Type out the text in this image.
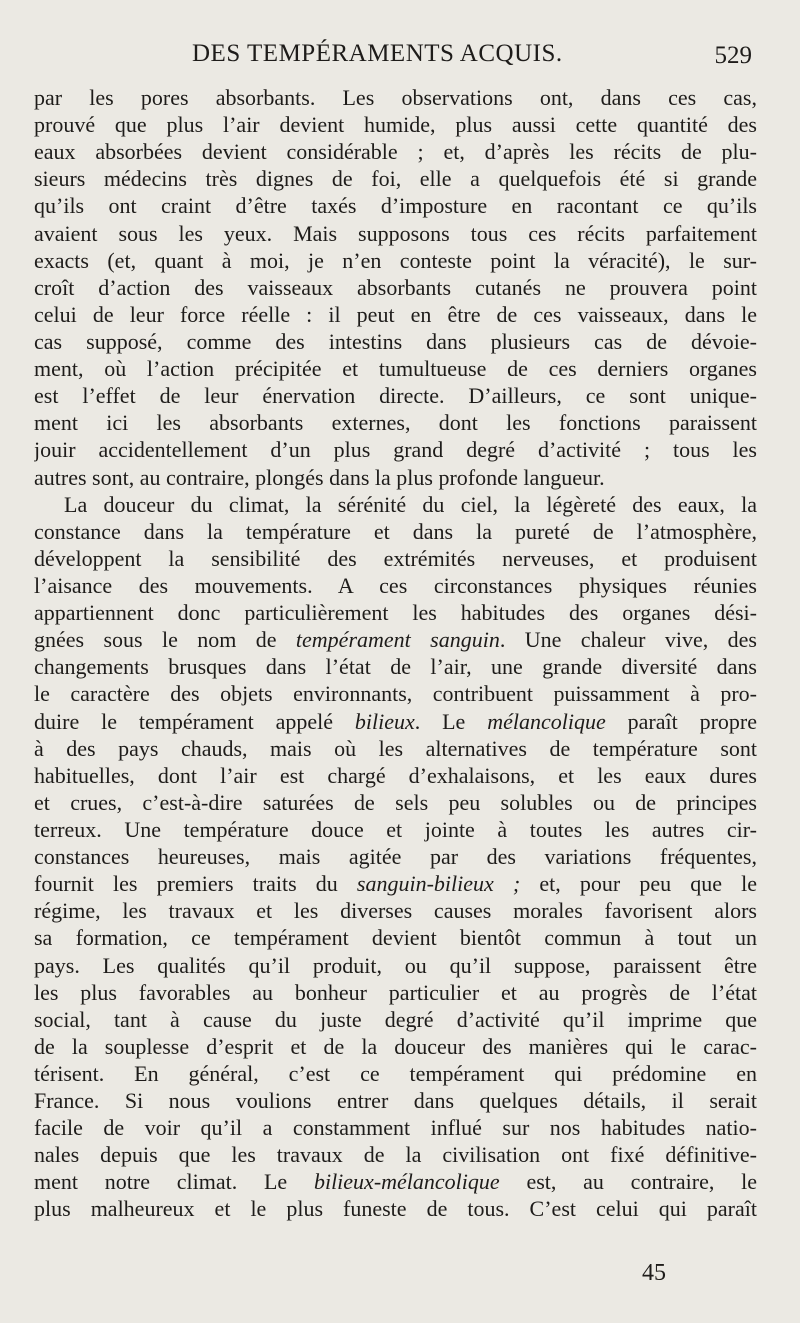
DES TEMPÉRAMENTS ACQUIS.	529
par les pores absorbants. Les observations ont, dans ces cas,
prouvé que plus l’air devient humide, plus aussi cette quantité des
eaux absorbées devient considérable ; et, d’après les récits de plu-
sieurs médecins très dignes de foi, elle a quelquefois été si grande
qu’ils ont craint d’être taxés d’imposture en racontant ce qu’ils
avaient sous les yeux. Mais supposons tous ces récits parfaitement
exacts (et, quant à moi, je n’en conteste point la véracité), le sur-
croît d’action des vaisseaux absorbants cutanés ne prouvera point
celui de leur force réelle : il peut en être de ces vaisseaux, dans le
cas supposé, comme des intestins dans plusieurs cas de dévoie-
ment, où l’action précipitée et tumultueuse de ces derniers organes
est l’effet de leur énervation directe. D’ailleurs, ce sont unique-
ment ici les absorbants externes, dont les fonctions paraissent
jouir accidentellement d’un plus grand degré d’activité ; tous les
autres sont, au contraire, plongés dans la plus profonde langueur.
La douceur du climat, la sérénité du ciel, la légèreté des eaux, la
constance dans la température et dans la pureté de l’atmosphère,
développent la sensibilité des extrémités nerveuses, et produisent
l’aisance des mouvements. A ces circonstances physiques réunies
appartiennent donc particulièrement les habitudes des organes dési-
gnées sous le nom de tempérament sanguin. Une chaleur vive, des
changements brusques dans l’état de l’air, une grande diversité dans
le caractère des objets environnants, contribuent puissamment à pro-
duire le tempérament appelé bilieux. Le mélancolique paraît propre
à des pays chauds, mais où les alternatives de température sont
habituelles, dont l’air est chargé d’exhalaisons, et les eaux dures
et crues, c’est-à-dire saturées de sels peu solubles ou de principes
terreux. Une température douce et jointe à toutes les autres cir-
constances heureuses, mais agitée par des variations fréquentes,
fournit les premiers traits du sanguin-bilieux ; et, pour peu que le
régime, les travaux et les diverses causes morales favorisent alors
sa formation, ce tempérament devient bientôt commun à tout un
pays. Les qualités qu’il produit, ou qu’il suppose, paraissent être
les plus favorables au bonheur particulier et au progrès de l’état
social, tant à cause du juste degré d’activité qu’il imprime que
de la souplesse d’esprit et de la douceur des manières qui le carac-
térisent. En général, c’est ce tempérament qui prédomine en
France. Si nous voulions entrer dans quelques détails, il serait
facile de voir qu’il a constamment influé sur nos habitudes natio-
nales depuis que les travaux de la civilisation ont fixé définitive-
ment notre climat. Le bilieux-mélancolique est, au contraire, le
plus malheureux et le plus funeste de tous. C’est celui qui paraît
45
